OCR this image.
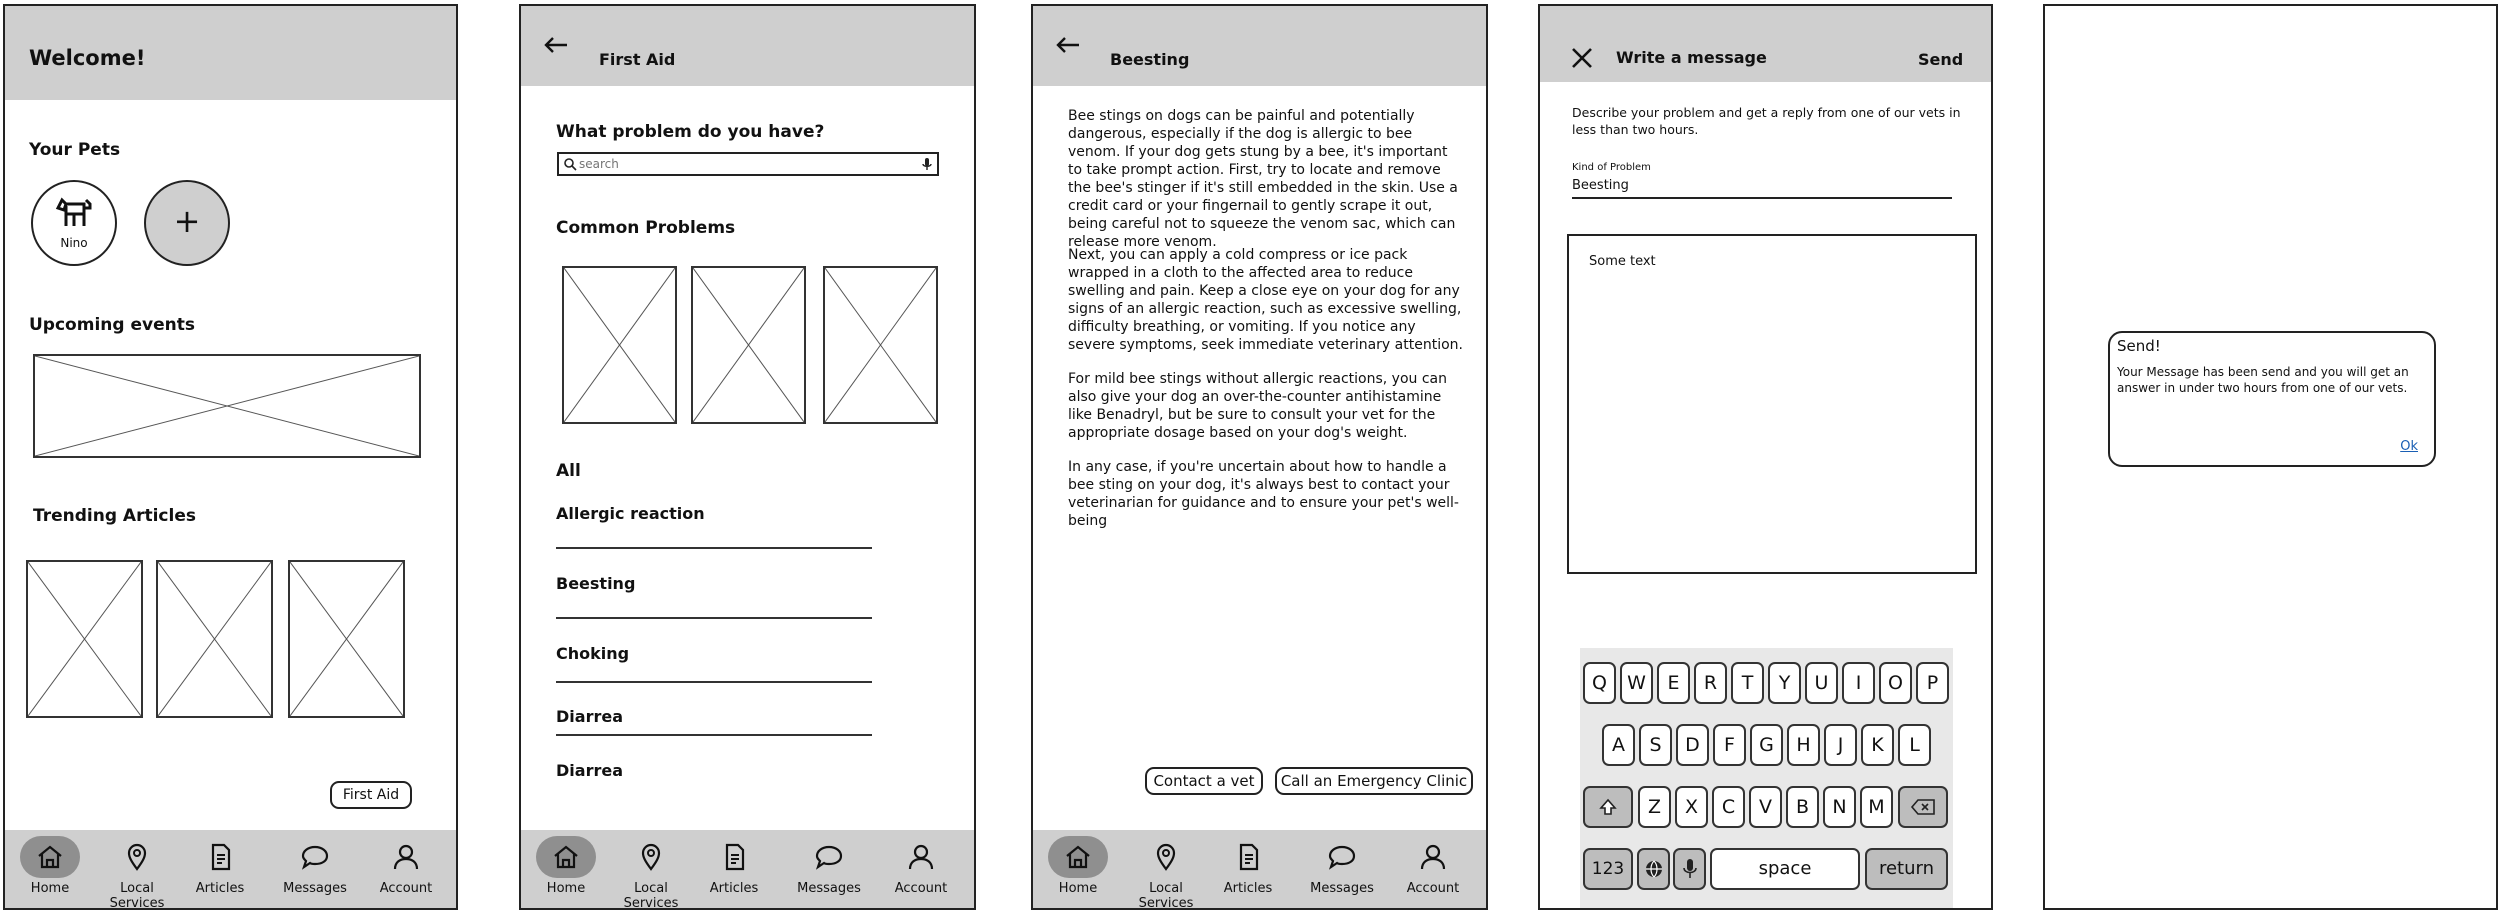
Welcome!
Your Pets
Nino
+
Upcoming events
Trending Articles
First Aid
Home	Local Services
Articles	Messages	Account
First Aid
What problem do you have?
search
Common Problems
All
Allergic reaction
Beesting
Choking
Diarrea
Diarrea
Home	Local Services
Articles	Messages	Account
Beesting
Bee stings on dogs can be painful and potentially dangerous, especially if the dog is allergic to bee venom. If your dog gets stung by a bee, it's important to take prompt action. First, try to locate and remove the bee's stinger if it's still embedded in the skin. Use a credit card or your fingernail to gently scrape it out, being careful not to squeeze the venom sac, which can release more venom.
Next, you can apply a cold compress or ice pack wrapped in a cloth to the affected area to reduce swelling and pain. Keep a close eye on your dog for any signs of an allergic reaction, such as excessive swelling, difficulty breathing, or vomiting. If you notice any severe symptoms, seek immediate veterinary attention.
For mild bee stings without allergic reactions, you can also give your dog an over-the-counter antihistamine like Benadryl, but be sure to consult your vet for the appropriate dosage based on your dog's weight.
In any case, if you're uncertain about how to handle a bee sting on your dog, it's always best to contact your veterinarian for guidance and to ensure your pet's well-being
Contact a vet	Call an Emergency Clinic
Home	Local Services
Articles	Messages	Account
Write a message	Send
Describe your problem and get a reply from one of our vets in less than two hours.
Kind of Problem
Beesting
Some text
Q	W	E	R	T	Y	U	I	O	P
A	S	D	F	G	H	J	K	L
Z	X	C	V	B	N	M
123	space	return
Send!
Your Message has been send and you will get an answer in under two hours from one of our vets.
Ok
